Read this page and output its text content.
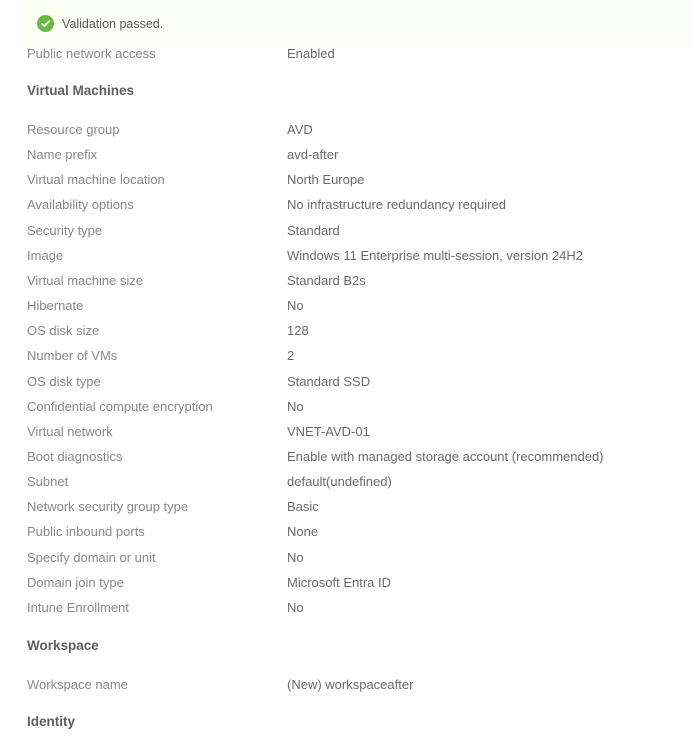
Validation passed.
Public network access	Enabled
Virtual Machines
Resource group	AVD
Name prefix	avd-after
Virtual machine location	North Europe
Availability options	No infrastructure redundancy required
Security type	Standard
Image	Windows 11 Enterprise multi-session, version 24H2
Virtual machine size	Standard B2s
Hibernate	No
OS disk size	128
Number of VMs	2
OS disk type	Standard SSD
Confidential compute encryption	No
Virtual network	VNET-AVD-01
Boot diagnostics	Enable with managed storage account (recommended)
Subnet	default(undefined)
Network security group type	Basic
Public inbound ports	None
Specify domain or unit	No
Domain join type	Microsoft Entra ID
Intune Enrollment	No
Workspace
Workspace name	(New) workspaceafter
Identity
